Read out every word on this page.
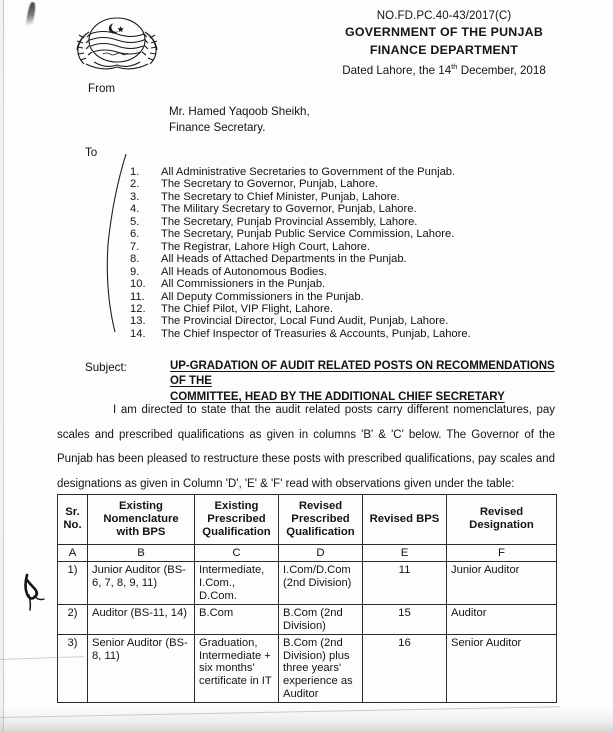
NO.FD.PC.40-43/2017(C)
GOVERNMENT OF THE PUNJAB
FINANCE DEPARTMENT
Dated Lahore, the 14th December, 2018
From
Mr. Hamed Yaqoob Sheikh,
Finance Secretary.
To
1.	All Administrative Secretaries to Government of the Punjab.
2.	The Secretary to Governor, Punjab, Lahore.
3.	The Secretary to Chief Minister, Punjab, Lahore.
4.	The Military Secretary to Governor, Punjab, Lahore.
5.	The Secretary, Punjab Provincial Assembly, Lahore.
6.	The Secretary, Punjab Public Service Commission, Lahore.
7.	The Registrar, Lahore High Court, Lahore.
8.	All Heads of Attached Departments in the Punjab.
9.	All Heads of Autonomous Bodies.
10.	All Commissioners in the Punjab.
11.	All Deputy Commissioners in the Punjab.
12.	The Chief Pilot, VIP Flight, Lahore.
13.	The Provincial Director, Local Fund Audit, Punjab, Lahore.
14.	The Chief Inspector of Treasuries & Accounts, Punjab, Lahore.
Subject:	UP-GRADATION OF AUDIT RELATED POSTS ON RECOMMENDATIONS OF THE
COMMITTEE, HEAD BY THE ADDITIONAL CHIEF SECRETARY
I am directed to state that the audit related posts carry different nomenclatures, pay scales and prescribed qualifications as given in columns 'B' & 'C' below. The Governor of the Punjab has been pleased to restructure these posts with prescribed qualifications, pay scales and designations as given in Column 'D', 'E' & 'F' read with observations given under the table:
Sr.
No.	Existing
Nomenclature
with BPS	Existing
Prescribed
Qualification	Revised
Prescribed
Qualification	Revised BPS	Revised Designation
A	B	C	D	E	F
1)	Junior Auditor (BS-6, 7, 8, 9, 11)	Intermediate, I.Com., D.Com.	I.Com/D.Com (2nd Division)	11	Junior Auditor
2)	Auditor (BS-11, 14)	B.Com	B.Com (2nd Division)	15	Auditor
3)	Senior Auditor (BS-8, 11)	Graduation, Intermediate + six months' certificate in IT	B.Com (2nd Division) plus three years' experience as Auditor	16	Senior Auditor
